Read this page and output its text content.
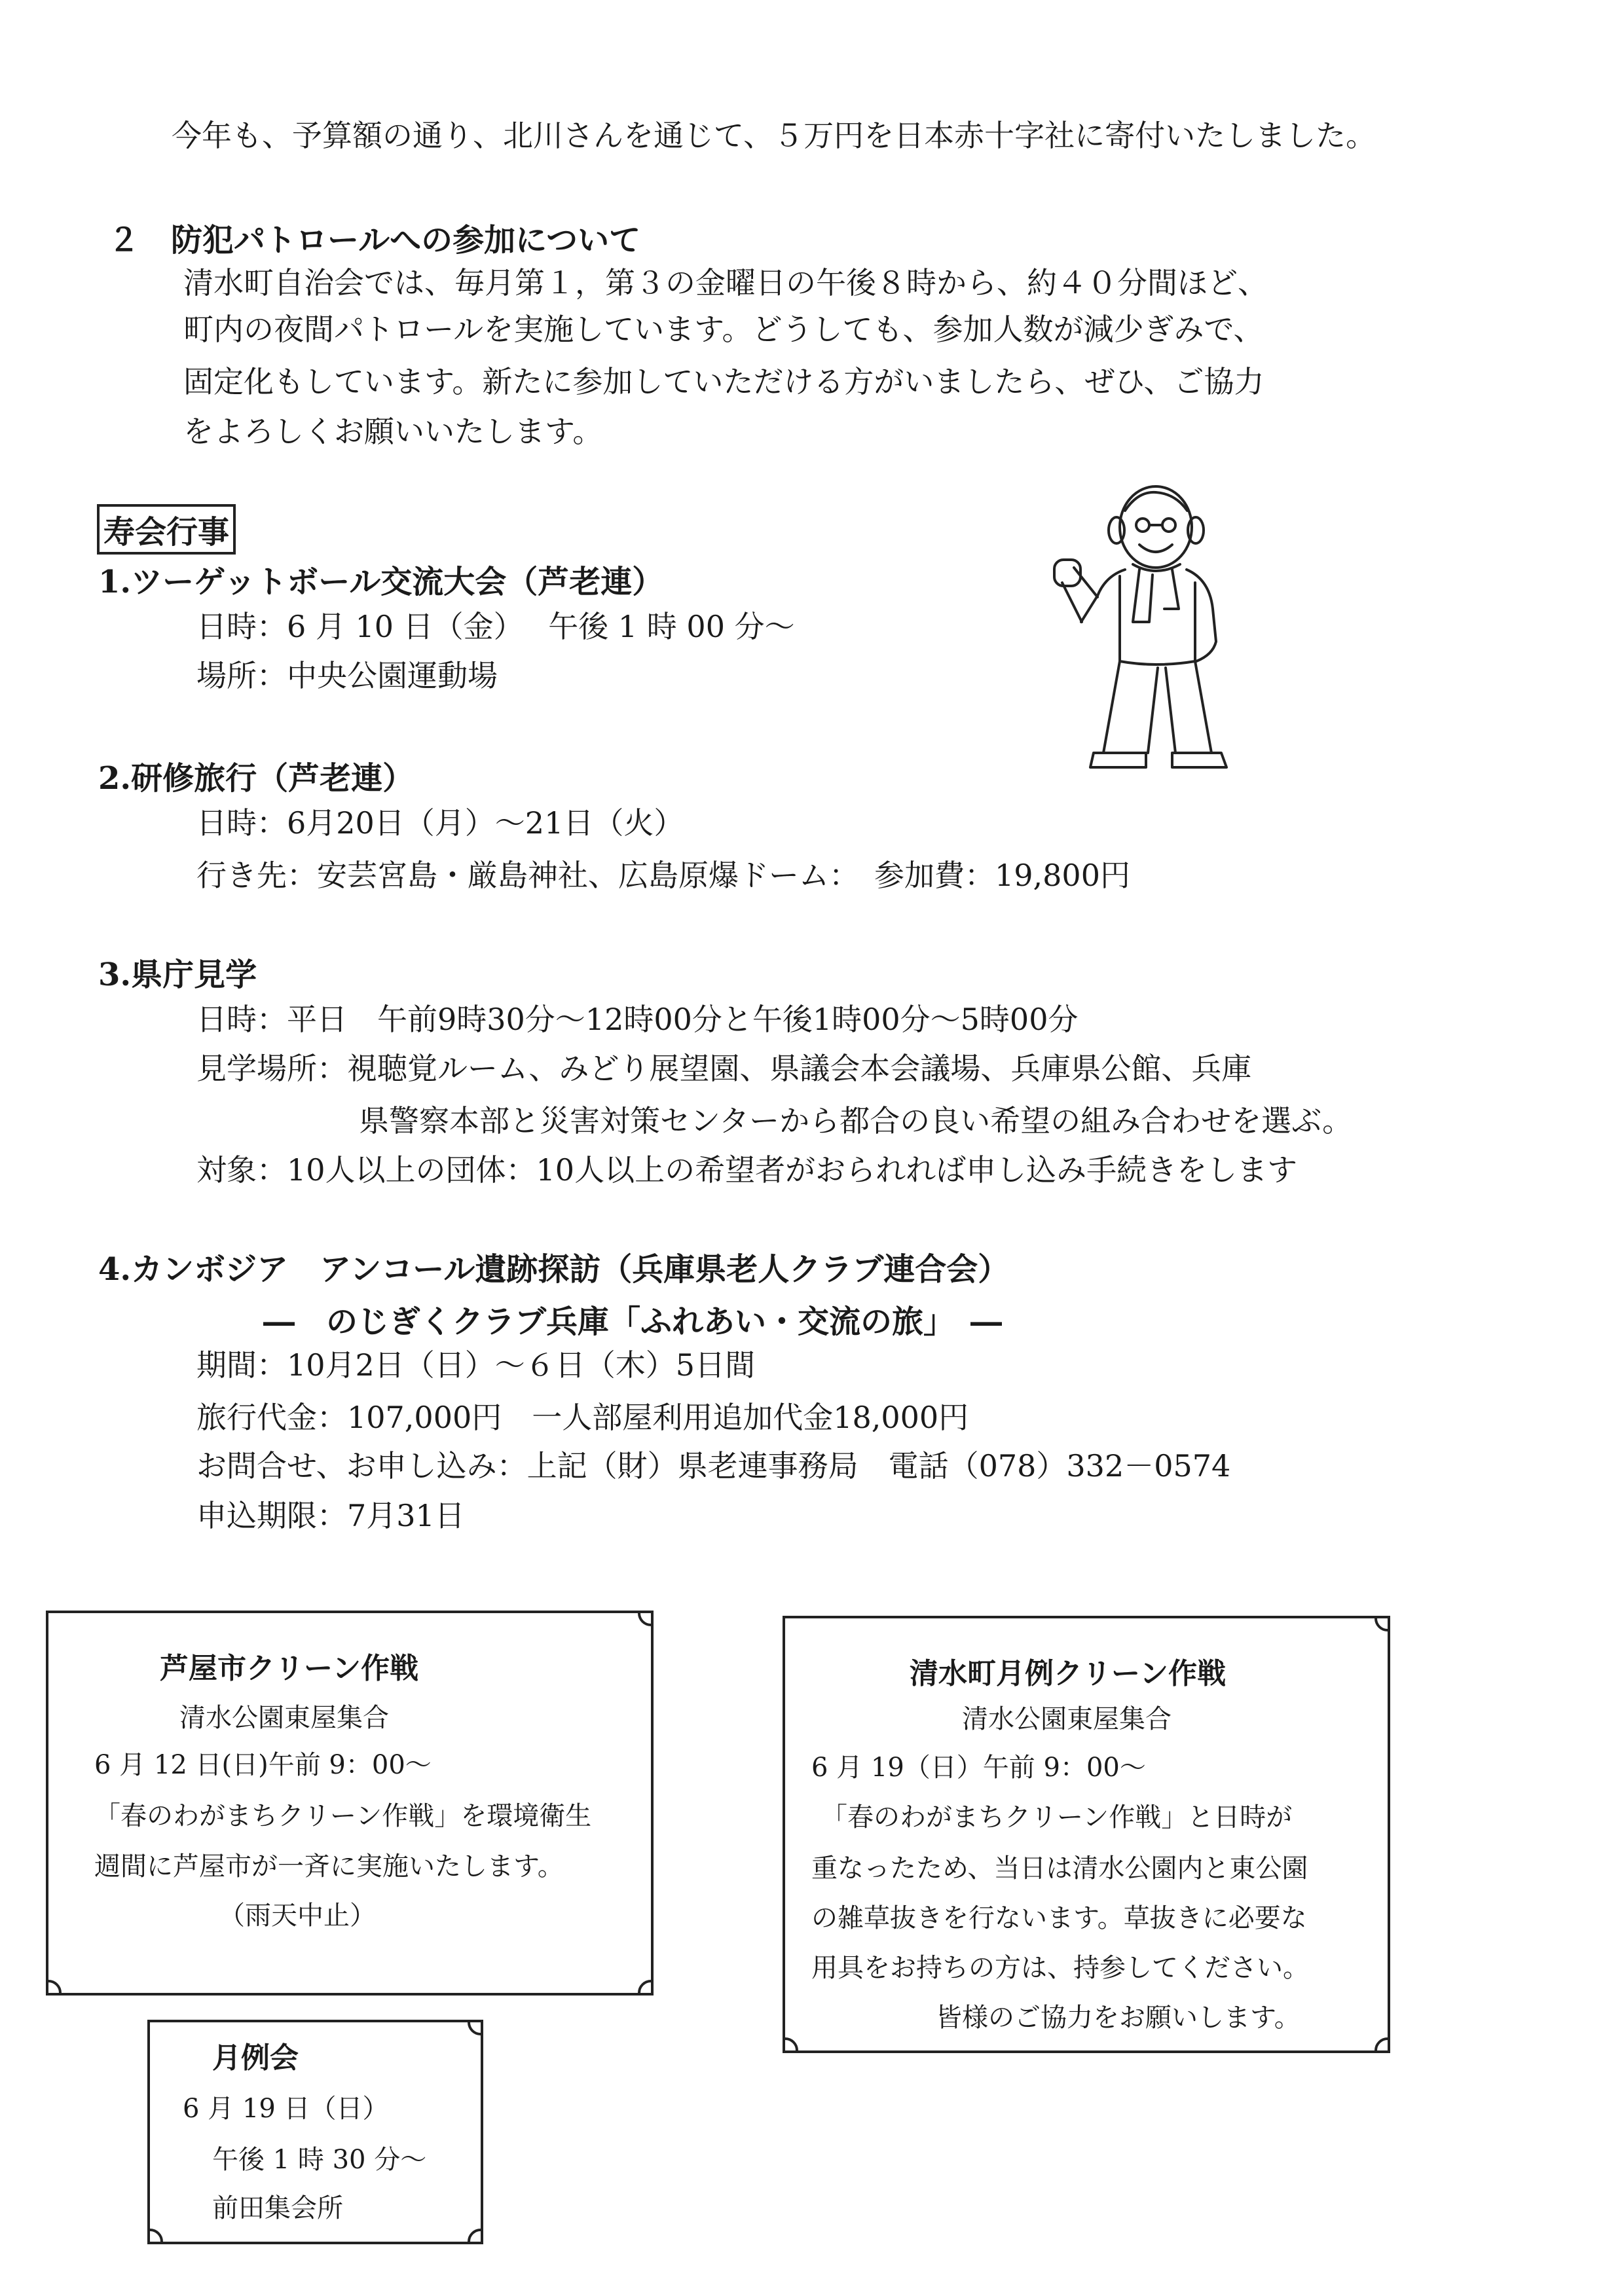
今年も、予算額の通り、北川さんを通じて、５万円を日本赤十字社に寄付いたしました。
２　防犯パトロールへの参加について
清水町自治会では、毎月第１，第３の金曜日の午後８時から、約４０分間ほど、
町内の夜間パトロールを実施しています。どうしても、参加人数が減少ぎみで、
固定化もしています。新たに参加していただける方がいましたら、ぜひ、ご協力
をよろしくお願いいたします。
寿会行事
1.ツーゲットボール交流大会（芦老連）
日時：6 月 10 日（金）　 午後 1 時 00 分～
場所：中央公園運動場
2.研修旅行（芦老連）
日時：6月20日（月）～21日（火）
行き先：安芸宮島・厳島神社、広島原爆ドーム：　参加費：19,800円
3.県庁見学
日時：平日　午前9時30分～12時00分と午後1時00分～5時00分
見学場所：視聴覚ルーム、みどり展望園、県議会本会議場、兵庫県公館、兵庫
県警察本部と災害対策センターから都合の良い希望の組み合わせを選ぶ。
対象：10人以上の団体：10人以上の希望者がおられれば申し込み手続きをします
4.カンボジア　アンコール遺跡探訪（兵庫県老人クラブ連合会）
―　のじぎくクラブ兵庫「ふれあい・交流の旅」　―
期間：10月2日（日）～６日（木）5日間
旅行代金：107,000円　一人部屋利用追加代金18,000円
お問合せ、お申し込み：上記（財）県老連事務局　電話（078）332－0574
申込期限：7月31日
芦屋市クリーン作戦
清水公園東屋集合
6 月 12 日(日)午前 9：00～
「春のわがまちクリーン作戦」を環境衛生
週間に芦屋市が一斉に実施いたします。
（雨天中止）
清水町月例クリーン作戦
清水公園東屋集合
6 月 19（日）午前 9：00～
「春のわがまちクリーン作戦」と日時が
重なったため、当日は清水公園内と東公園
の雑草抜きを行ないます。草抜きに必要な
用具をお持ちの方は、持参してください。
皆様のご協力をお願いします。
月例会
6 月 19 日（日）
午後 1 時 30 分～
前田集会所
